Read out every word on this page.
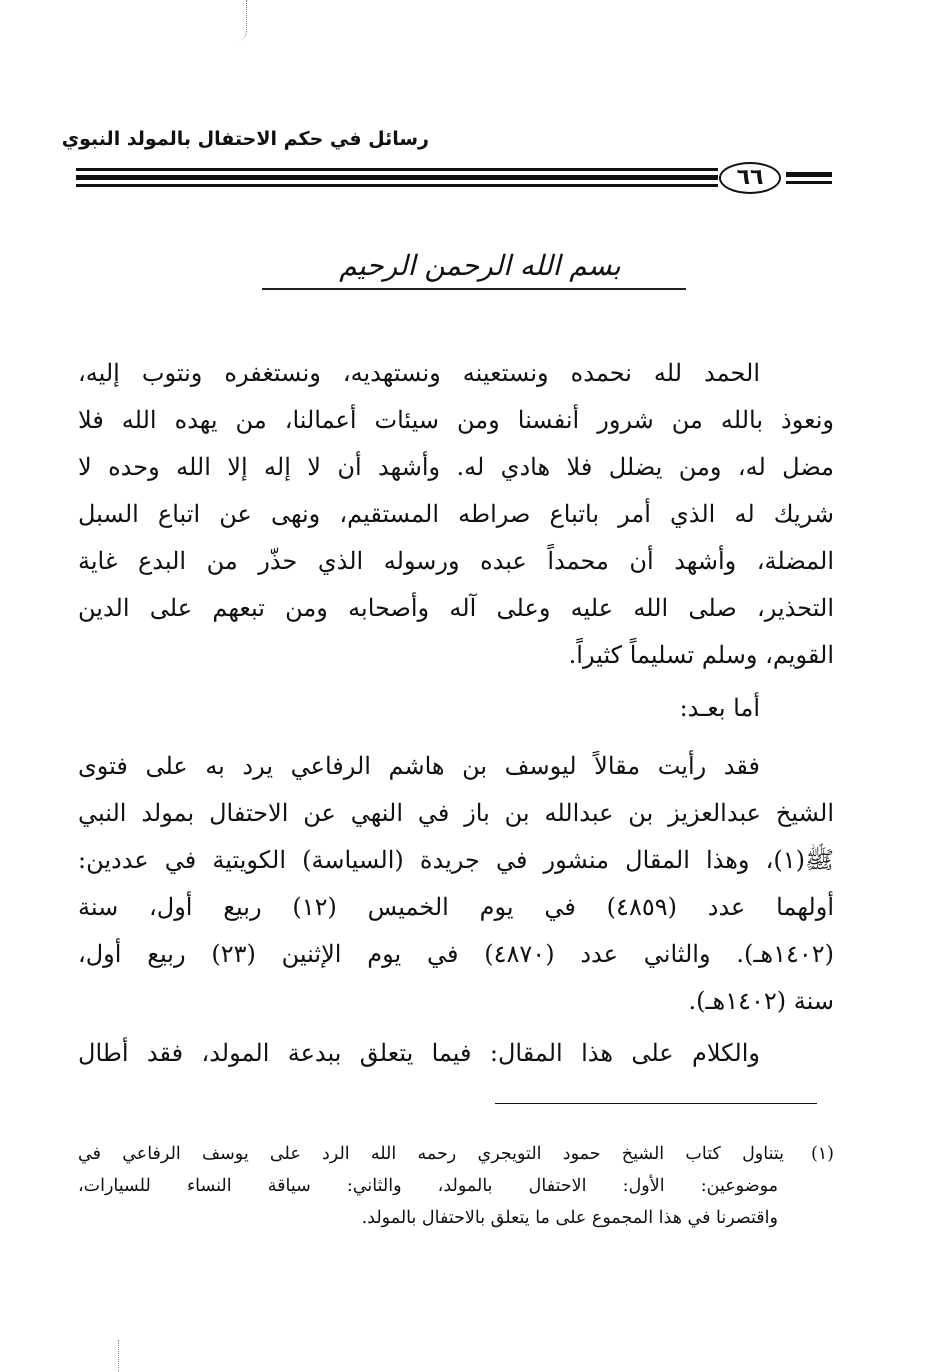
رسائل في حكم الاحتفال بالمولد النبوي
٦٦
بسم الله الرحمن الرحيم
الحمد لله نحمده ونستعينه ونستهديه، ونستغفره ونتوب إليه،
ونعوذ بالله من شرور أنفسنا ومن سيئات أعمالنا، من يهده الله فلا
مضل له، ومن يضلل فلا هادي له. وأشهد أن لا إله إلا الله وحده لا
شريك له الذي أمر باتباع صراطه المستقيم، ونهى عن اتباع السبل
المضلة، وأشهد أن محمداً عبده ورسوله الذي حذّر من البدع غاية
التحذير، صلى الله عليه وعلى آله وأصحابه ومن تبعهم على الدين
القويم، وسلم تسليماً كثيراً.
أما بعـد:
فقد رأيت مقالاً ليوسف بن هاشم الرفاعي يرد به على فتوى
الشيخ عبدالعزيز بن عبدالله بن باز في النهي عن الاحتفال بمولد النبي
ﷺ(١)، وهذا المقال منشور في جريدة (السياسة) الكويتية في عددين:
أولهما عدد (٤٨٥٩) في يوم الخميس (١٢) ربيع أول، سنة
(١٤٠٢هـ). والثاني عدد (٤٨٧٠) في يوم الإثنين (٢٣) ربيع أول،
سنة (١٤٠٢هـ).
والكلام على هذا المقال: فيما يتعلق ببدعة المولد، فقد أطال
(١)يتناول كتاب الشيخ حمود التويجري رحمه الله الرد على يوسف الرفاعي في
موضوعين: الأول: الاحتفال بالمولد، والثاني: سياقة النساء للسيارات،
واقتصرنا في هذا المجموع على ما يتعلق بالاحتفال بالمولد.
